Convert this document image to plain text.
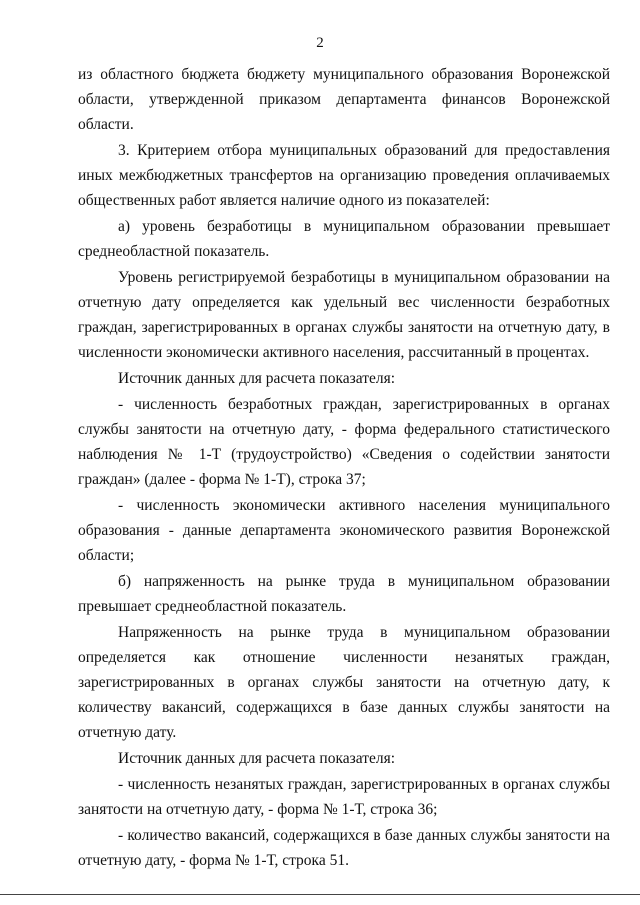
2

из областного бюджета бюджету муниципального образования Воронежской области, утвержденной приказом департамента финансов Воронежской области.

3. Критерием отбора муниципальных образований для предоставления иных межбюджетных трансфертов на организацию проведения оплачиваемых общественных работ является наличие одного из показателей:

а) уровень безработицы в муниципальном образовании превышает среднеобластной показатель.

Уровень регистрируемой безработицы в муниципальном образовании на отчетную дату определяется как удельный вес численности безработных граждан, зарегистрированных в органах службы занятости на отчетную дату, в численности экономически активного населения, рассчитанный в процентах.

Источник данных для расчета показателя:

- численность безработных граждан, зарегистрированных в органах службы занятости на отчетную дату, - форма федерального статистического наблюдения № 1-Т (трудоустройство) «Сведения о содействии занятости граждан» (далее - форма № 1-Т), строка 37;

- численность экономически активного населения муниципального образования - данные департамента экономического развития Воронежской области;

б) напряженность на рынке труда в муниципальном образовании превышает среднеобластной показатель.

Напряженность на рынке труда в муниципальном образовании определяется как отношение численности незанятых граждан, зарегистрированных в органах службы занятости на отчетную дату, к количеству вакансий, содержащихся в базе данных службы занятости на отчетную дату.

Источник данных для расчета показателя:

- численность незанятых граждан, зарегистрированных в органах службы занятости на отчетную дату, - форма № 1-Т, строка 36;

- количество вакансий, содержащихся в базе данных службы занятости на отчетную дату, - форма № 1-Т, строка 51.
